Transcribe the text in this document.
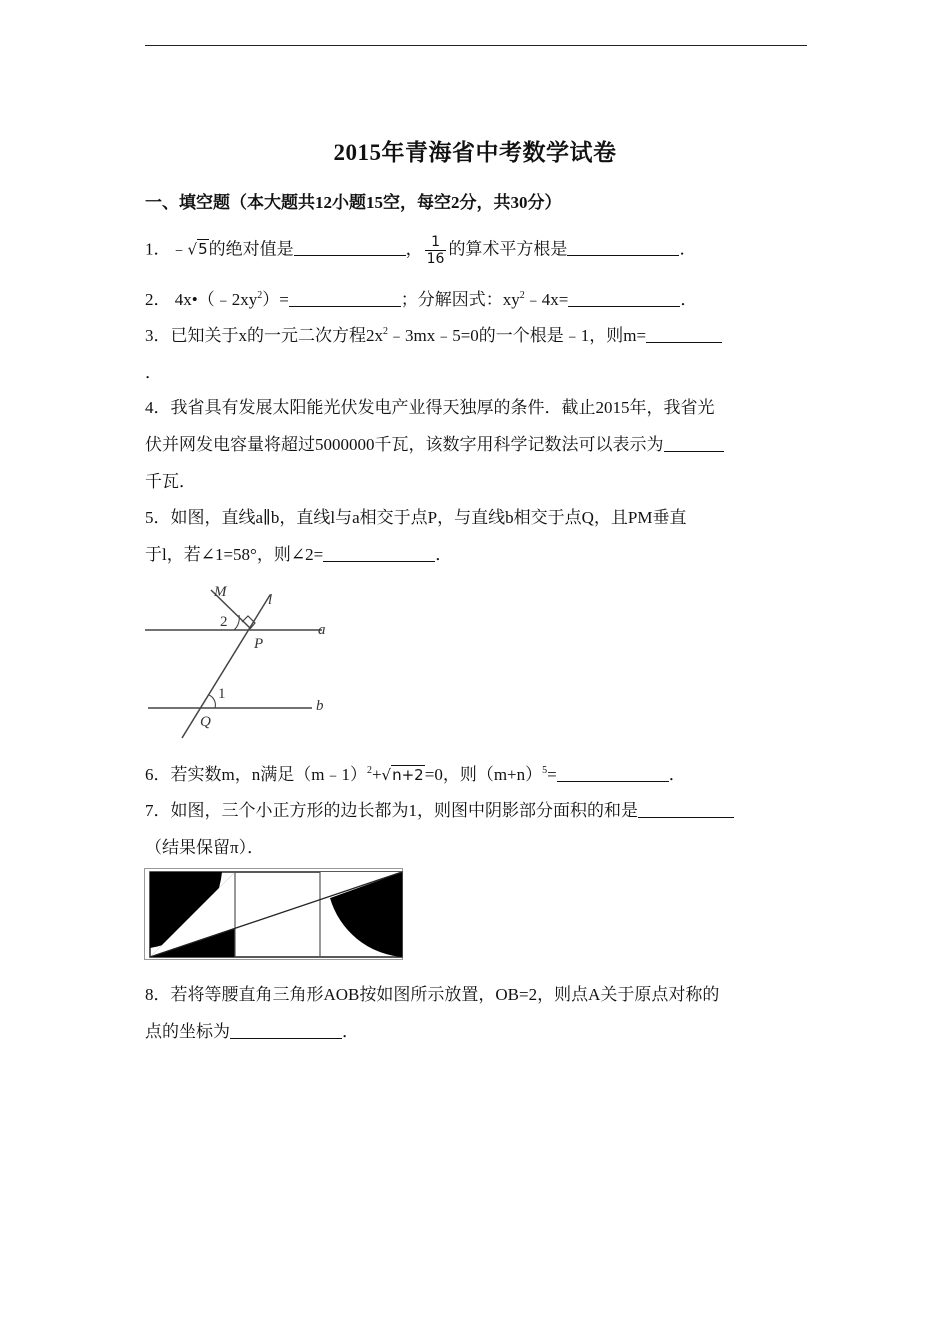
2015年青海省中考数学试卷
一、填空题（本大题共12小题15空，每空2分，共30分）
1．﹣√5的绝对值是	， $\frac{1}{16}$ 的算术平方根是	．
2． $4x•(﹣2xy^2)=$	；分解因式：$xy^2﹣4x=$	．
3．已知关于x的一元二次方程$2x^2﹣3mx﹣5=0$的一个根是﹣1，则m=
．
4．我省具有发展太阳能光伏发电产业得天独厚的条件．截止2015年，我省光
伏并网发电容量将超过5000000千瓦，该数字用科学记数法可以表示为
千瓦．
5．如图，直线a∥b，直线l与a相交于点P，与直线b相交于点Q，且PM垂直
于l，若∠1=58°，则∠2=	．
M	l
2
P
a
1
b
Q
6．若实数m，n满足（m﹣1）$^2$+√n+2=0，则$(m+n)^5=$	．
7．如图，三个小正方形的边长都为1，则图中阴影部分面积的和是
（结果保留π）．
8．若将等腰直角三角形AOB按如图所示放置，OB=2，则点A关于原点对称的
点的坐标为	．
